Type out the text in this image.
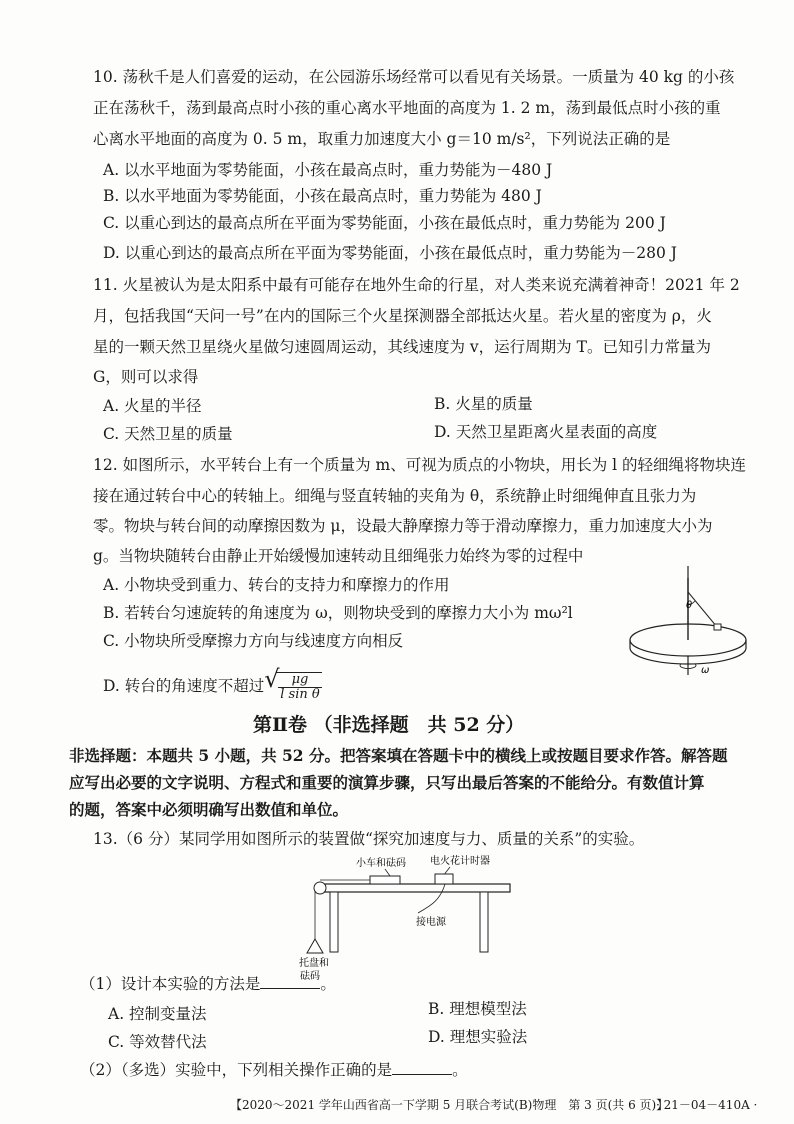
10. 荡秋千是人们喜爱的运动，在公园游乐场经常可以看见有关场景。一质量为 40 kg 的小孩
正在荡秋千，荡到最高点时小孩的重心离水平地面的高度为 1. 2 m，荡到最低点时小孩的重
心离水平地面的高度为 0. 5 m，取重力加速度大小 g＝10 m/s²，下列说法正确的是
A. 以水平地面为零势能面，小孩在最高点时，重力势能为－480 J
B. 以水平地面为零势能面，小孩在最高点时，重力势能为 480 J
C. 以重心到达的最高点所在平面为零势能面，小孩在最低点时，重力势能为 200 J
D. 以重心到达的最高点所在平面为零势能面，小孩在最低点时，重力势能为－280 J
11. 火星被认为是太阳系中最有可能存在地外生命的行星，对人类来说充满着神奇！2021 年 2
月，包括我国“天问一号”在内的国际三个火星探测器全部抵达火星。若火星的密度为 ρ，火
星的一颗天然卫星绕火星做匀速圆周运动，其线速度为 v，运行周期为 T。已知引力常量为
G，则可以求得
A. 火星的半径	B. 火星的质量
C. 天然卫星的质量	D. 天然卫星距离火星表面的高度
12. 如图所示，水平转台上有一个质量为 m、可视为质点的小物块，用长为 l 的轻细绳将物块连
接在通过转台中心的转轴上。细绳与竖直转轴的夹角为 θ，系统静止时细绳伸直且张力为
零。物块与转台间的动摩擦因数为 μ，设最大静摩擦力等于滑动摩擦力，重力加速度大小为
g。当物块随转台由静止开始缓慢加速转动且细绳张力始终为零的过程中
A. 小物块受到重力、转台的支持力和摩擦力的作用
B. 若转台匀速旋转的角速度为 ω，则物块受到的摩擦力大小为 mω²l
C. 小物块所受摩擦力方向与线速度方向相反
D. 转台的角速度不超过
√ $\frac{\mu g}{\text{l sin θ}}$
θ
ω
第Ⅱ卷 （非选择题　共 52 分）
非选择题：本题共 5 小题，共 52 分。把答案填在答题卡中的横线上或按题目要求作答。解答题
应写出必要的文字说明、方程式和重要的演算步骤，只写出最后答案的不能给分。有数值计算
的题，答案中必须明确写出数值和单位。
13.（6 分）某同学用如图所示的装置做“探究加速度与力、质量的关系”的实验。
小车和砝码 电火花计时器
接电源
托盘和
砝码
（1）设计本实验的方法是	。
A. 控制变量法	B. 理想模型法
C. 等效替代法	D. 理想实验法
（2）（多选）实验中，下列相关操作正确的是	。
【2020～2021 学年山西省高一下学期 5 月联合考试(B)物理　第 3 页(共 6 页)】
· 21－04－410A ·
